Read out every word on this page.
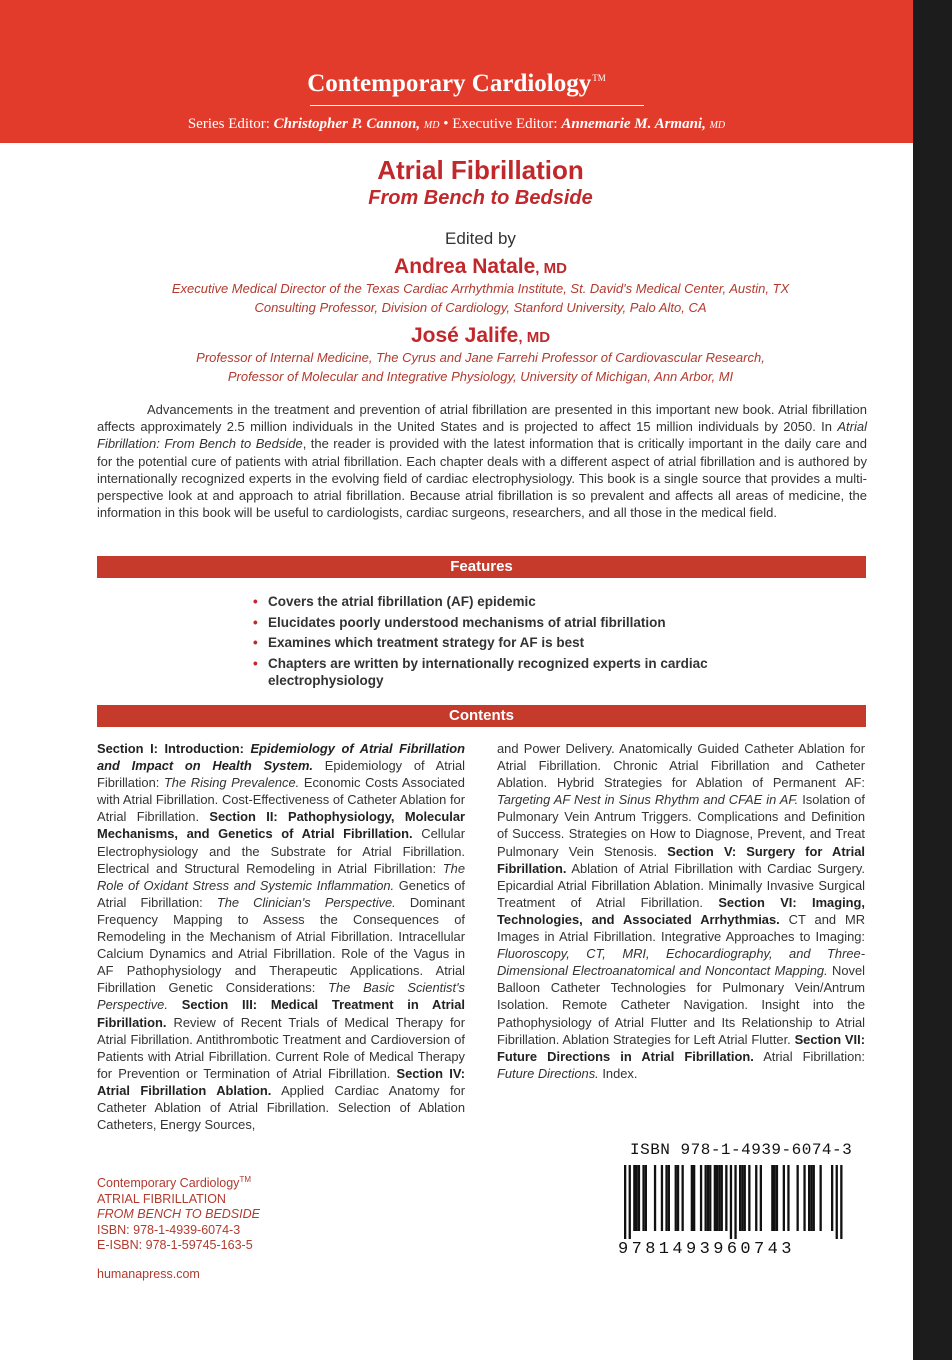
Contemporary Cardiology™
Series Editor: Christopher P. Cannon, MD • Executive Editor: Annemarie M. Armani, MD
Atrial Fibrillation
From Bench to Bedside
Edited by
Andrea Natale, MD
Executive Medical Director of the Texas Cardiac Arrhythmia Institute, St. David's Medical Center, Austin, TX
Consulting Professor, Division of Cardiology, Stanford University, Palo Alto, CA
José Jalife, MD
Professor of Internal Medicine, The Cyrus and Jane Farrehi Professor of Cardiovascular Research,
Professor of Molecular and Integrative Physiology, University of Michigan, Ann Arbor, MI

Advancements in the treatment and prevention of atrial fibrillation are presented in this important new book. Atrial fibrillation affects approximately 2.5 million individuals in the United States and is projected to affect 15 million individuals by 2050. In Atrial Fibrillation: From Bench to Bedside, the reader is provided with the latest information that is critically important in the daily care and for the potential cure of patients with atrial fibrillation. Each chapter deals with a different aspect of atrial fibrillation and is authored by internationally recognized experts in the evolving field of cardiac electrophysiology. This book is a single source that provides a multi-perspective look at and approach to atrial fibrillation. Because atrial fibrillation is so prevalent and affects all areas of medicine, the information in this book will be useful to cardiologists, cardiac surgeons, researchers, and all those in the medical field.

Features
• Covers the atrial fibrillation (AF) epidemic
• Elucidates poorly understood mechanisms of atrial fibrillation
• Examines which treatment strategy for AF is best
• Chapters are written by internationally recognized experts in cardiac electrophysiology
Contents

Section I: Introduction: Epidemiology of Atrial Fibrillation and Impact on Health System. Epidemiology of Atrial Fibrillation: The Rising Prevalence. Economic Costs Associated with Atrial Fibrillation. Cost-Effectiveness of Catheter Ablation for Atrial Fibrillation. Section II: Pathophysiology, Molecular Mechanisms, and Genetics of Atrial Fibrillation. Cellular Electrophysiology and the Substrate for Atrial Fibrillation. Electrical and Structural Remodeling in Atrial Fibrillation: The Role of Oxidant Stress and Systemic Inflammation. Genetics of Atrial Fibrillation: The Clinician's Perspective. Dominant Frequency Mapping to Assess the Consequences of Remodeling in the Mechanism of Atrial Fibrillation. Intracellular Calcium Dynamics and Atrial Fibrillation. Role of the Vagus in AF Pathophysiology and Therapeutic Applications. Atrial Fibrillation Genetic Considerations: The Basic Scientist's Perspective. Section III: Medical Treatment in Atrial Fibrillation. Review of Recent Trials of Medical Therapy for Atrial Fibrillation. Antithrombotic Treatment and Cardioversion of Patients with Atrial Fibrillation. Current Role of Medical Therapy for Prevention or Termination of Atrial Fibrillation. Section IV: Atrial Fibrillation Ablation. Applied Cardiac Anatomy for Catheter Ablation of Atrial Fibrillation. Selection of Ablation Catheters, Energy Sources,

and Power Delivery. Anatomically Guided Catheter Ablation for Atrial Fibrillation. Chronic Atrial Fibrillation and Catheter Ablation. Hybrid Strategies for Ablation of Permanent AF: Targeting AF Nest in Sinus Rhythm and CFAE in AF. Isolation of Pulmonary Vein Antrum Triggers. Complications and Definition of Success. Strategies on How to Diagnose, Prevent, and Treat Pulmonary Vein Stenosis. Section V: Surgery for Atrial Fibrillation. Ablation of Atrial Fibrillation with Cardiac Surgery. Epicardial Atrial Fibrillation Ablation. Minimally Invasive Surgical Treatment of Atrial Fibrillation. Section VI: Imaging, Technologies, and Associated Arrhythmias. CT and MR Images in Atrial Fibrillation. Integrative Approaches to Imaging: Fluoroscopy, CT, MRI, Echocardiography, and Three-Dimensional Electroanatomical and Noncontact Mapping. Novel Balloon Catheter Technologies for Pulmonary Vein/Antrum Isolation. Remote Catheter Navigation. Insight into the Pathophysiology of Atrial Flutter and Its Relationship to Atrial Fibrillation. Ablation Strategies for Left Atrial Flutter. Section VII: Future Directions in Atrial Fibrillation. Atrial Fibrillation: Future Directions. Index.

Contemporary Cardiology™
ATRIAL FIBRILLATION
FROM BENCH TO BEDSIDE
ISBN: 978-1-4939-6074-3
E-ISBN: 978-1-59745-163-5
humanapress.com
ISBN 978-1-4939-6074-3
9781493960743
